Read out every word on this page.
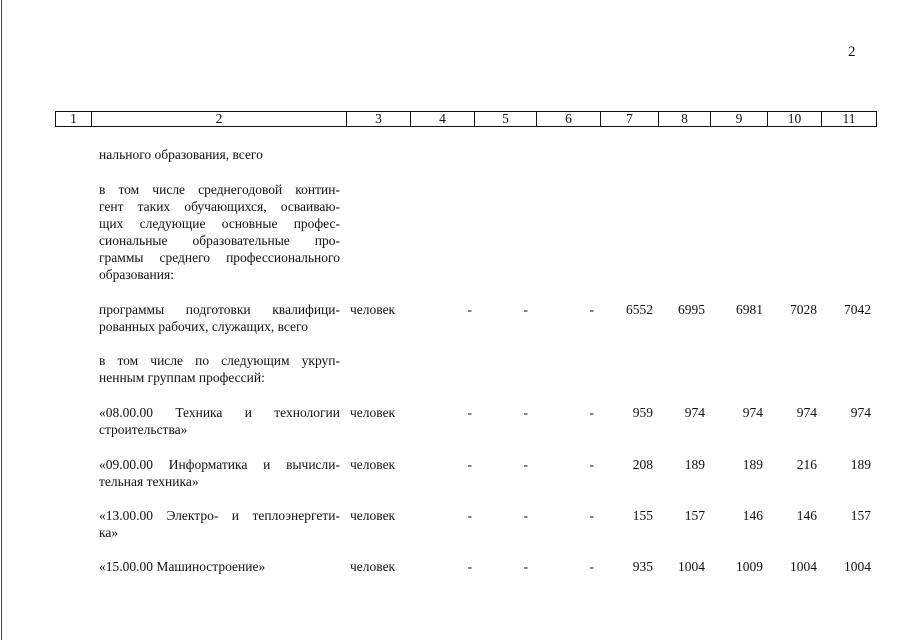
2
1	2	3	4	5	6	7	8	9	10	11
нального образования, всего
в том числе среднегодовой контин-
гент таких обучающихся, осваиваю-
щих следующие основные профес-
сиональные образовательные про-
граммы среднего профессионального
образования:
программы подготовки квалифици-
рованных рабочих, служащих, всего
человек	-	-	- 6552 6995 6981 7028 7042
в том числе по следующим укруп-
ненным группам профессий:
«08.00.00 Техника и технологии
строительства»
человек	-	-	-	959 974	974	974	974
«09.00.00 Информатика и вычисли-
тельная техника»
человек	-	-	-	208 189	189	216	189
«13.00.00 Электро- и теплоэнергети-
ка»
человек	-	-	-	155 157	146	146	157
«15.00.00 Машиностроение»	человек	-	-	-	935 1004 1009 1004 1004
